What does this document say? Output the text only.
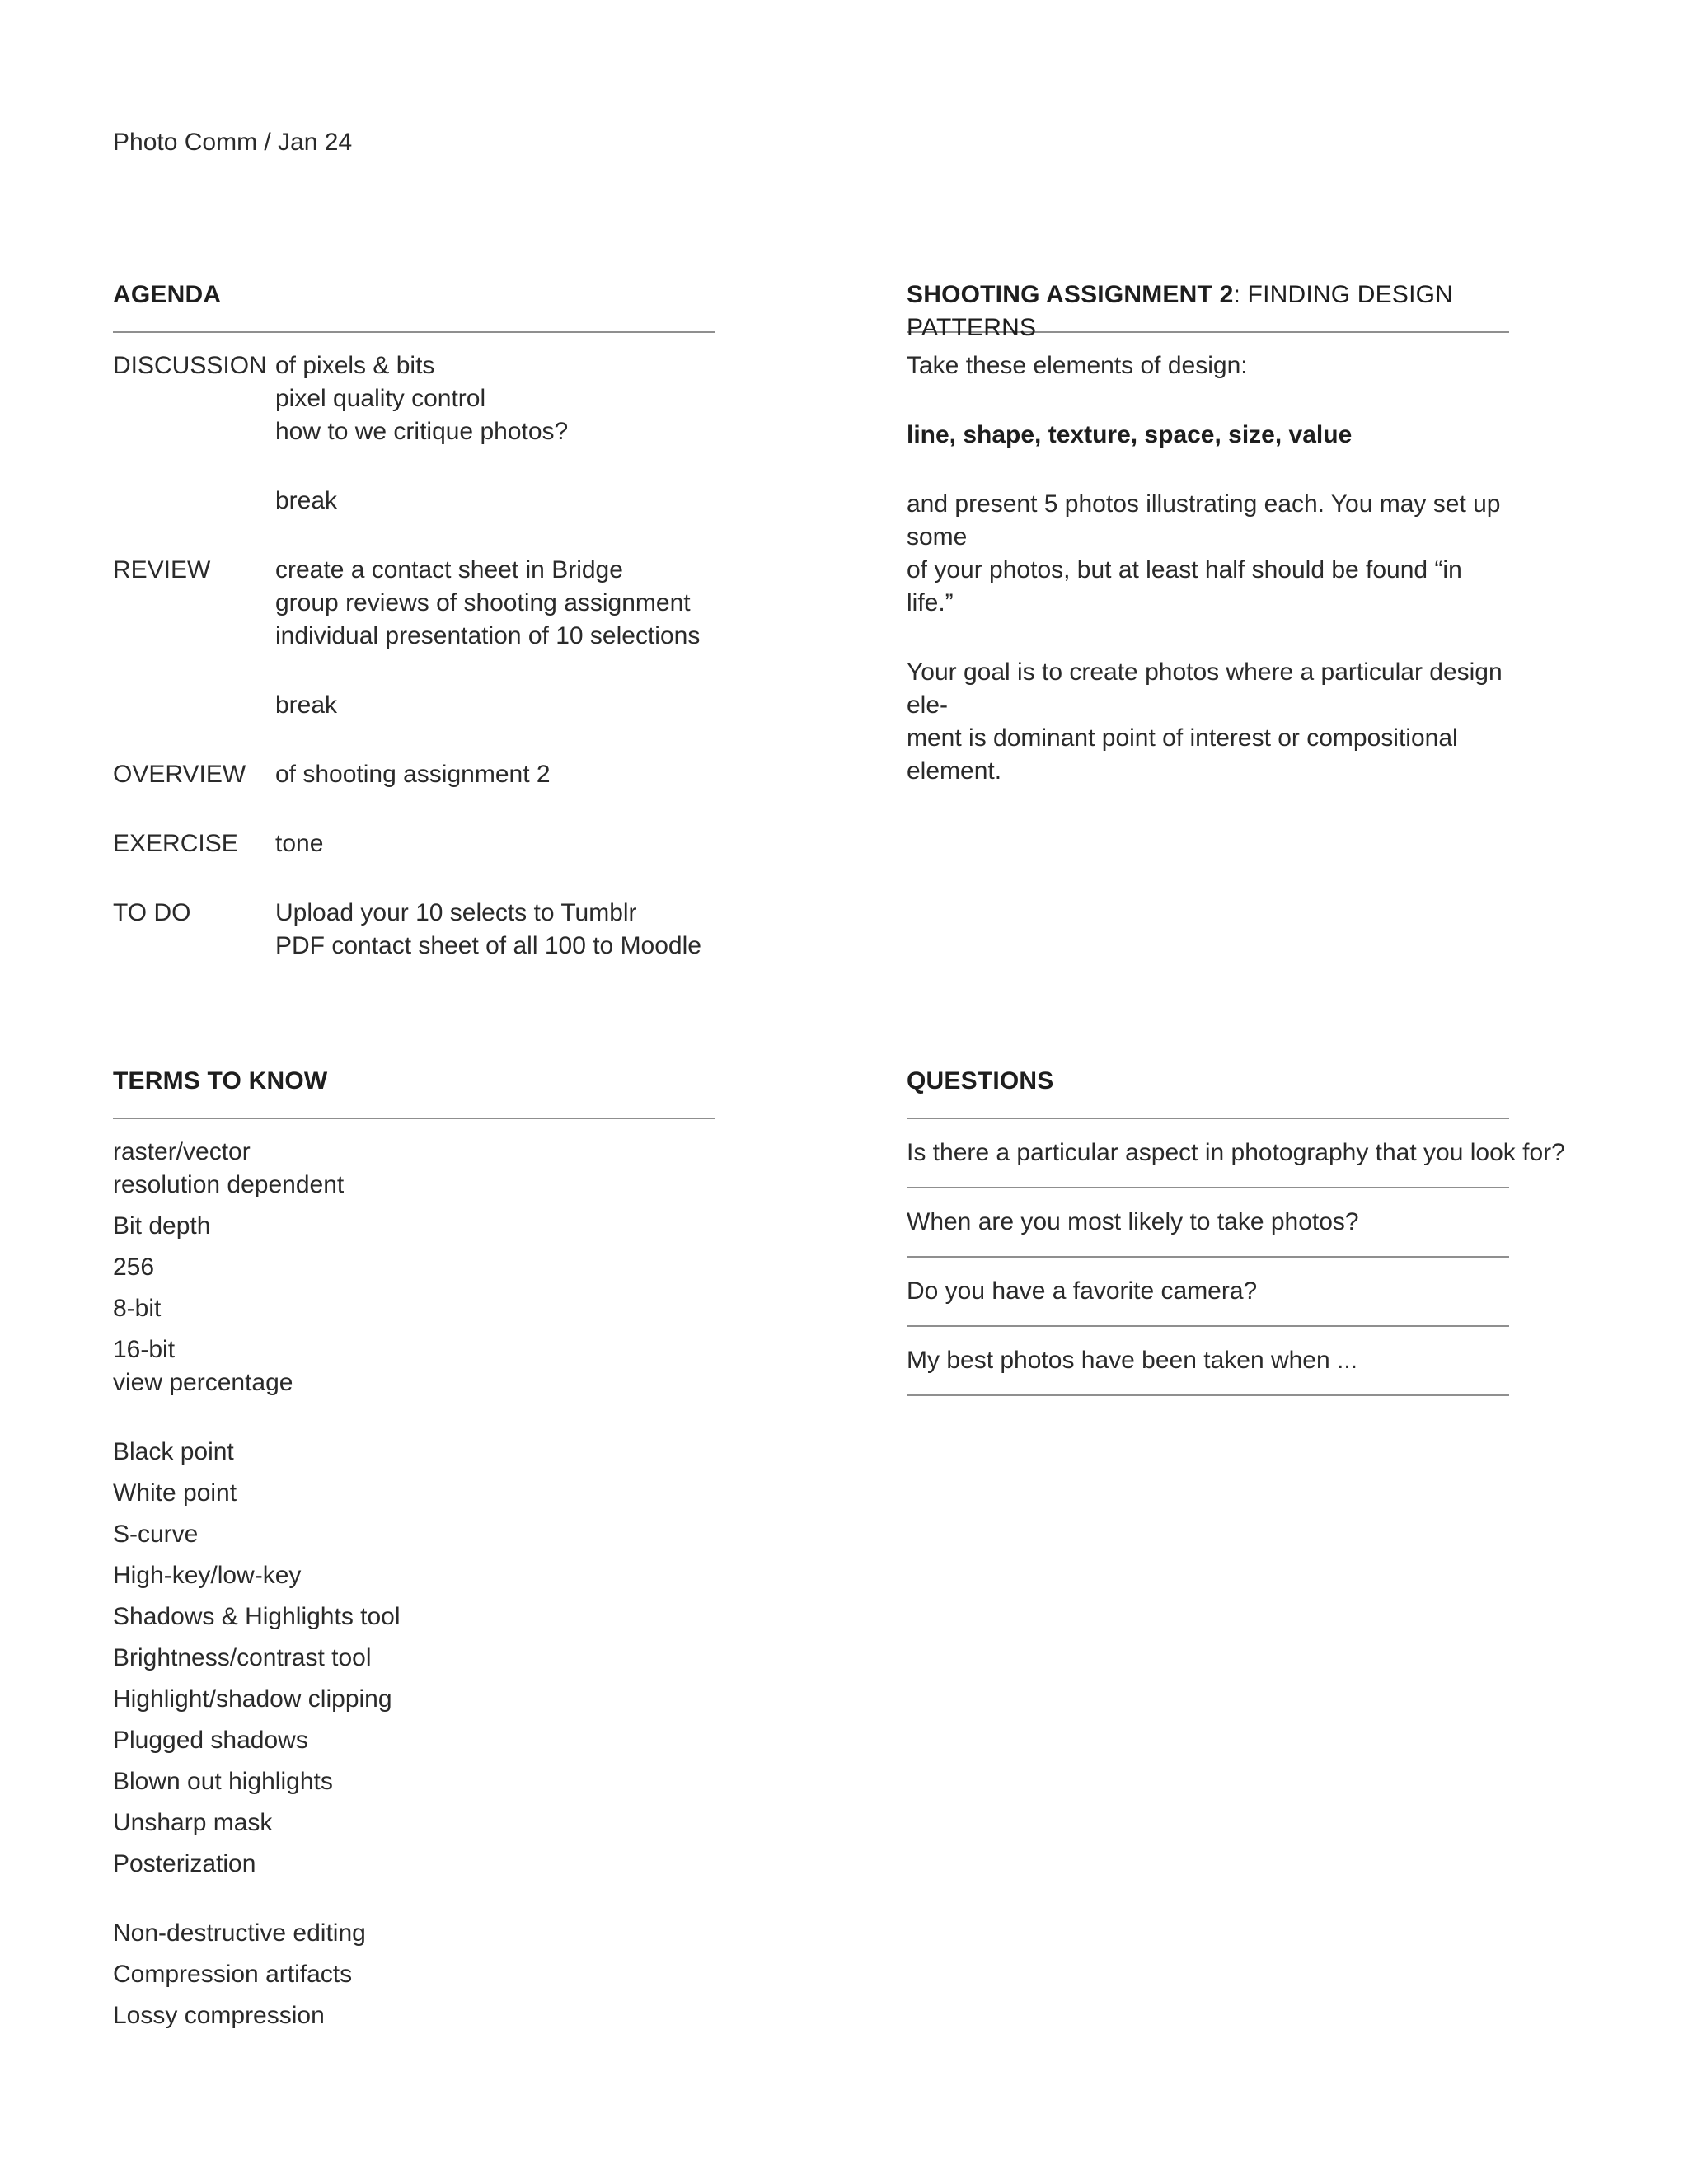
Photo Comm / Jan 24
AGENDA
DISCUSSION of pixels & bits
pixel quality control
how to we critique photos?
break
REVIEW	create a contact sheet in Bridge
group reviews of shooting assignment
individual presentation of 10 selections
break
OVERVIEW	of shooting assignment 2
EXERCISE	tone
TO DO	Upload your 10 selects to Tumblr
PDF contact sheet of all 100 to Moodle
SHOOTING ASSIGNMENT 2: FINDING DESIGN PATTERNS

Take these elements of design:

line, shape, texture, space, size, value

and present 5 photos illustrating each. You may set up some
of your photos, but at least half should be found “in life.”

Your goal is to create photos where a particular design ele-
ment is dominant point of interest or compositional element.

TERMS TO KNOW
raster/vector
resolution dependent
Bit depth
256
8-bit
16-bit
view percentage
Black point
White point
S-curve
High-key/low-key
Shadows & Highlights tool
Brightness/contrast tool
Highlight/shadow clipping
Plugged shadows
Blown out highlights
Unsharp mask
Posterization
Non-destructive editing
Compression artifacts
Lossy compression
QUESTIONS
Is there a particular aspect in photography that you look for?
When are you most likely to take photos?
Do you have a favorite camera?
My best photos have been taken when ...
